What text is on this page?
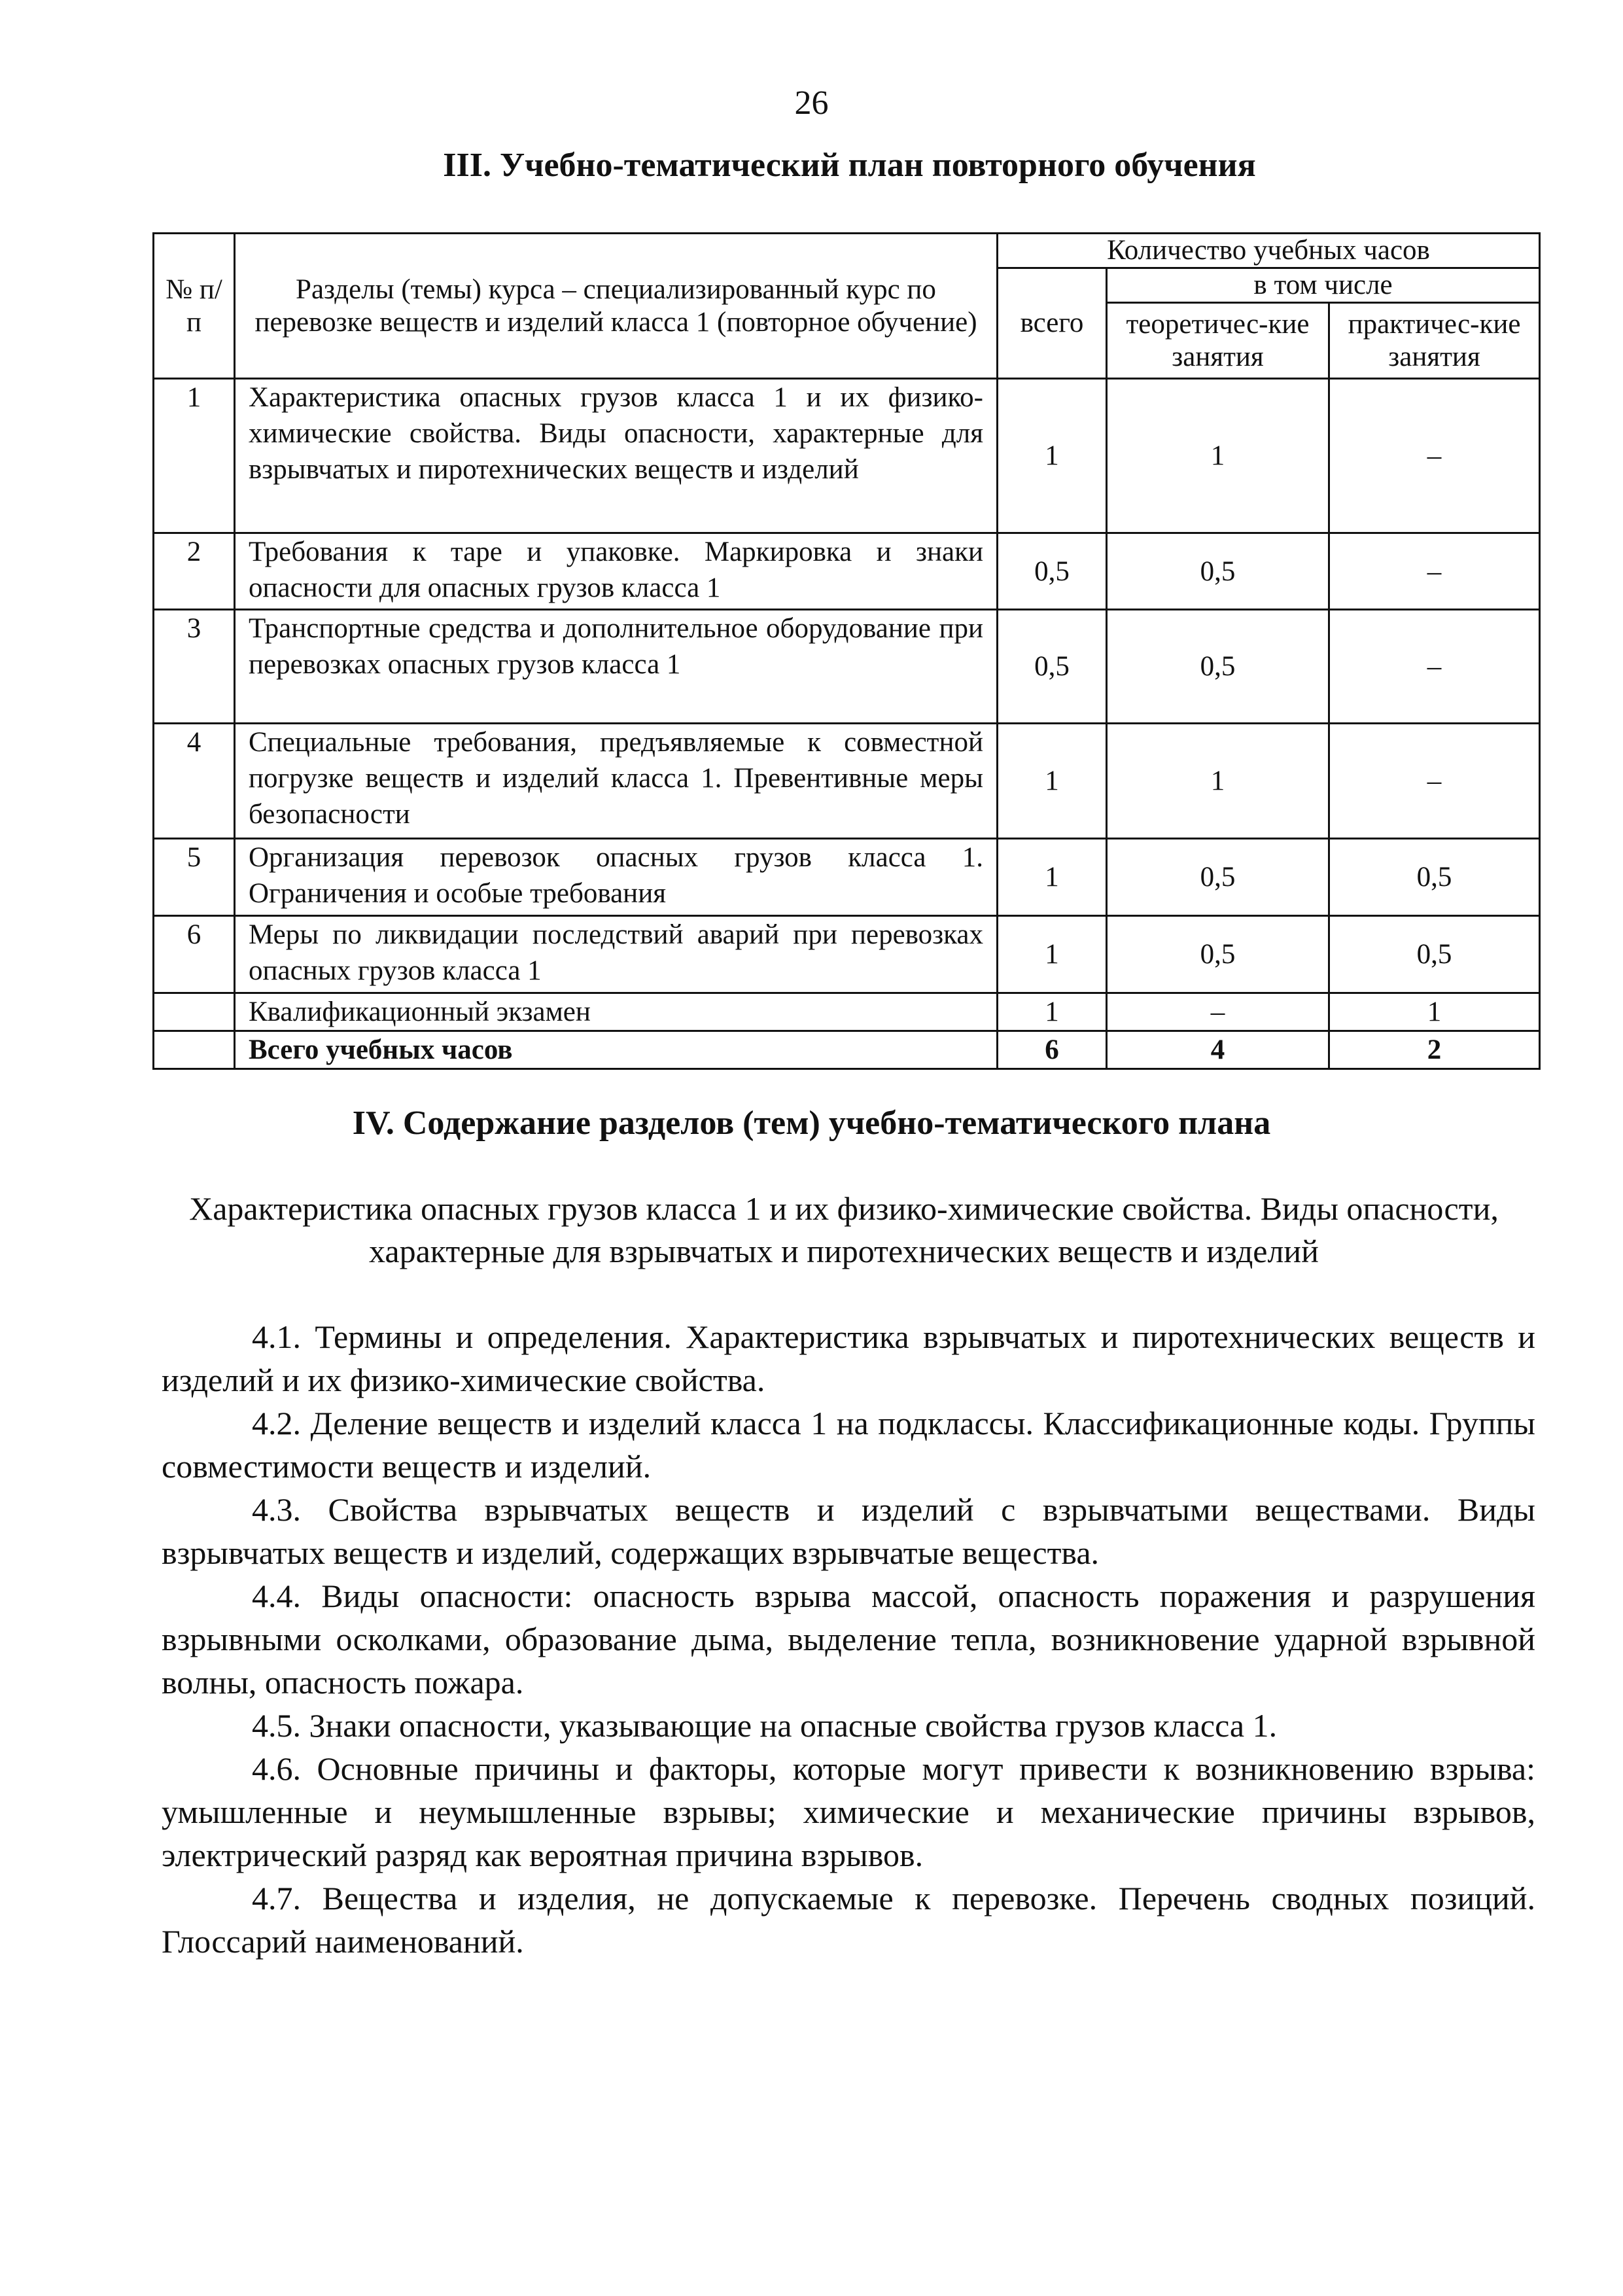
26
III. Учебно-тематический план повторного обучения
№ п/п	Разделы (темы) курса – специализированный курс по перевозке веществ и изделий класса 1 (повторное обучение)	Количество учебных часов		
		всего	в том числе	
			теоретичес-кие занятия	практичес-кие занятия
1	Характеристика опасных грузов класса 1 и их физико-химические свойства. Виды опасности, характерные для взрывчатых и пиротехнических веществ и изделий	1	1	–
2	Требования к таре и упаковке. Маркировка и знаки опасности для опасных грузов класса 1	0,5	0,5	–
3	Транспортные средства и дополнительное оборудование при перевозках опасных грузов класса 1	0,5	0,5	–
4	Специальные требования, предъявляемые к совместной погрузке веществ и изделий класса 1. Превентивные меры безопасности	1	1	–
5	Организация перевозок опасных грузов класса 1. Ограничения и особые требования	1	0,5	0,5
6	Меры по ликвидации последствий аварий при перевозках опасных грузов класса 1	1	0,5	0,5
	Квалификационный экзамен	1	–	1
	Всего учебных часов	6	4	2
IV. Содержание разделов (тем) учебно-тематического плана
Характеристика опасных грузов класса 1 и их физико-химические свойства. Виды опасности, характерные для взрывчатых и пиротехнических веществ и изделий

4.1. Термины и определения. Характеристика взрывчатых и пиротехнических веществ и изделий и их физико-химические свойства.

4.2. Деление веществ и изделий класса 1 на подклассы. Классификационные коды. Группы совместимости веществ и изделий.

4.3. Свойства взрывчатых веществ и изделий с взрывчатыми веществами. Виды взрывчатых веществ и изделий, содержащих взрывчатые вещества.

4.4. Виды опасности: опасность взрыва массой, опасность поражения и разрушения взрывными осколками, образование дыма, выделение тепла, возникновение ударной взрывной волны, опасность пожара.

4.5. Знаки опасности, указывающие на опасные свойства грузов класса 1.

4.6. Основные причины и факторы, которые могут привести к возникновению взрыва: умышленные и неумышленные взрывы; химические и механические причины взрывов, электрический разряд как вероятная причина взрывов.

4.7. Вещества и изделия, не допускаемые к перевозке. Перечень сводных позиций. Глоссарий наименований.
